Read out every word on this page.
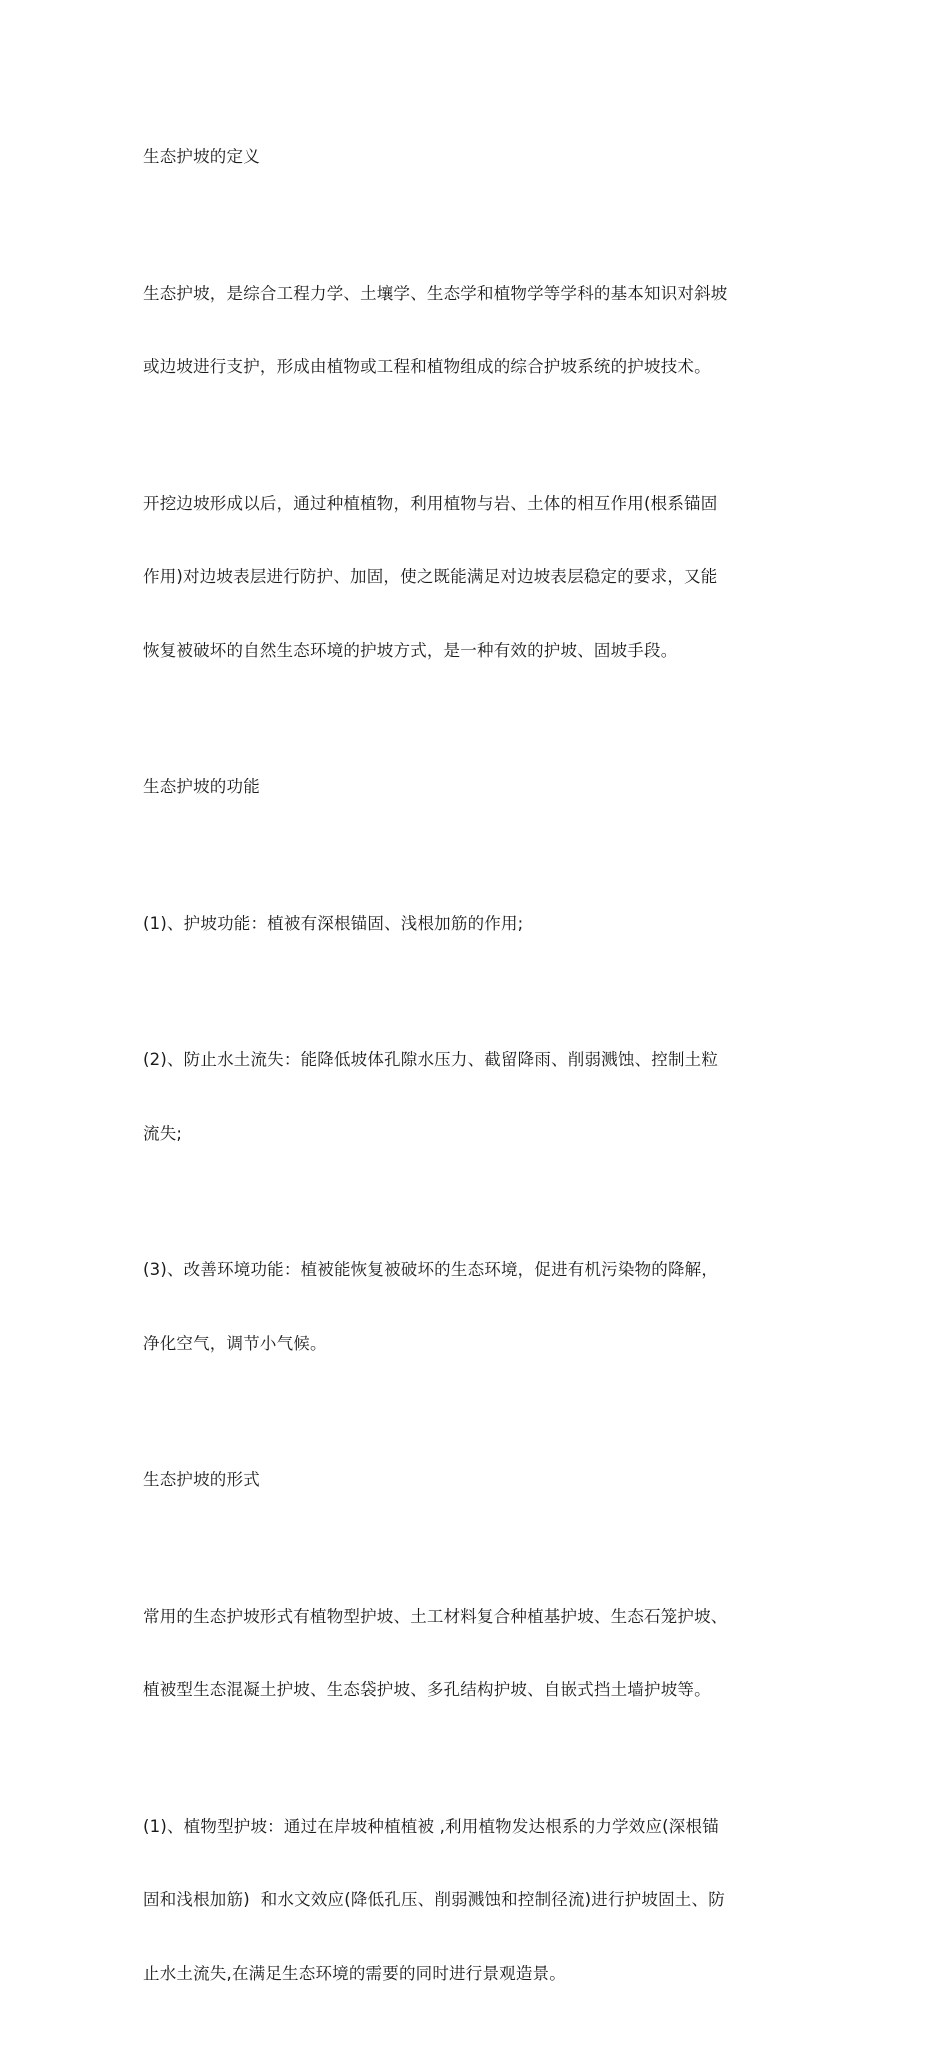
生态护坡的定义

生态护坡，是综合工程力学、土壤学、生态学和植物学等学科的基本知识对斜坡

或边坡进行支护，形成由植物或工程和植物组成的综合护坡系统的护坡技术。

开挖边坡形成以后，通过种植植物，利用植物与岩、土体的相互作用(根系锚固

作用)对边坡表层进行防护、加固，使之既能满足对边坡表层稳定的要求，又能

恢复被破坏的自然生态环境的护坡方式，是一种有效的护坡、固坡手段。

生态护坡的功能

(1)、护坡功能：植被有深根锚固、浅根加筋的作用;

(2)、防止水土流失：能降低坡体孔隙水压力、截留降雨、削弱溅蚀、控制土粒

流失;

(3)、改善环境功能：植被能恢复被破坏的生态环境，促进有机污染物的降解，

净化空气，调节小气候。

生态护坡的形式

常用的生态护坡形式有植物型护坡、土工材料复合种植基护坡、生态石笼护坡、

植被型生态混凝土护坡、生态袋护坡、多孔结构护坡、自嵌式挡土墙护坡等。

(1)、植物型护坡：通过在岸坡种植植被 ,利用植物发达根系的力学效应(深根锚

固和浅根加筋)  和水文效应(降低孔压、削弱溅蚀和控制径流)进行护坡固土、防

止水土流失,在满足生态环境的需要的同时进行景观造景。
